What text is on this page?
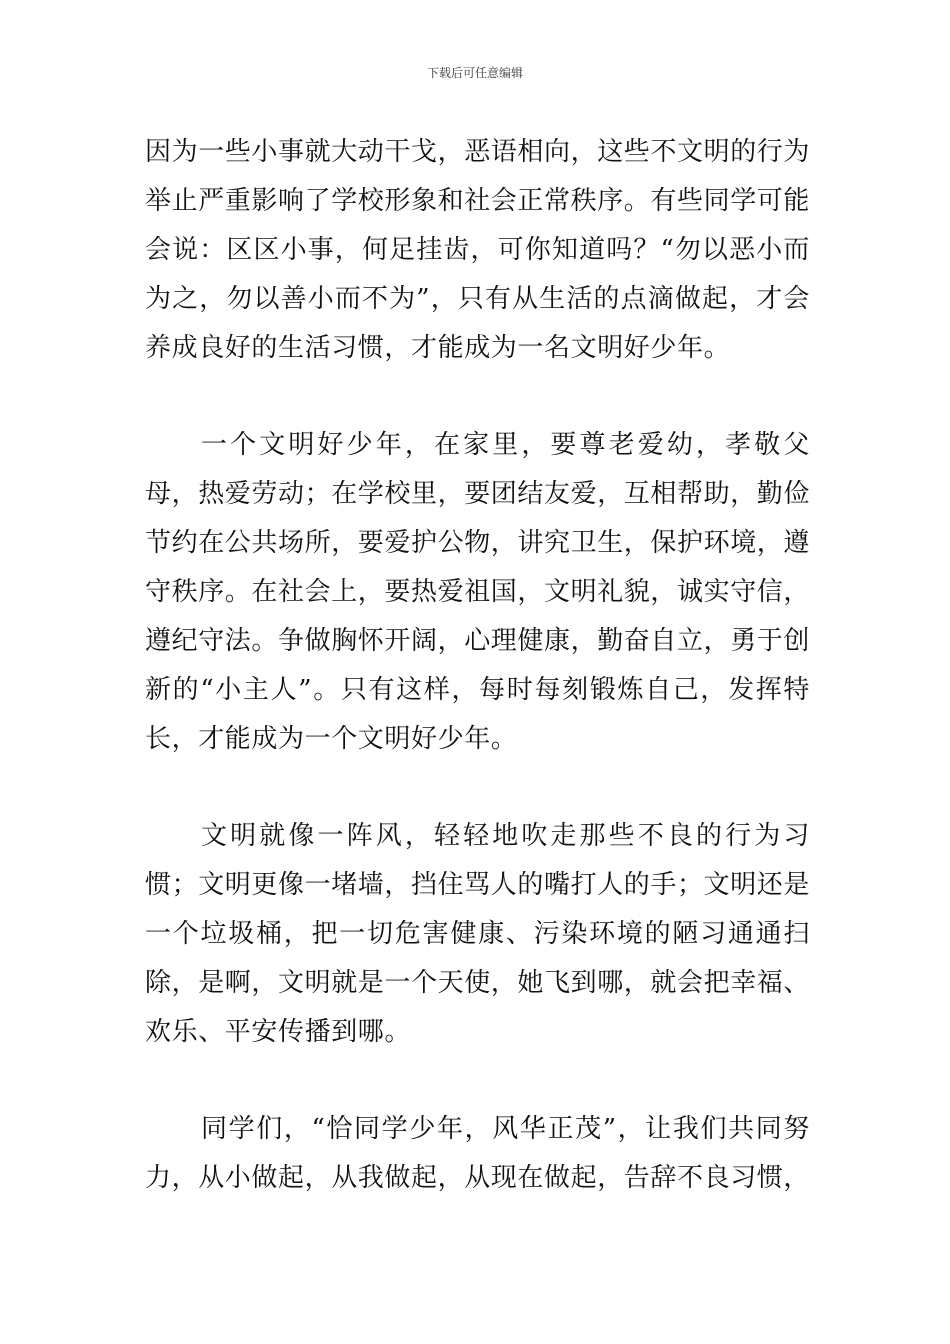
下载后可任意编辑

因为一些小事就大动干戈，恶语相向，这些不文明的行为举止严重影响了学校形象和社会正常秩序。有些同学可能会说：区区小事，何足挂齿，可你知道吗？“勿以恶小而为之，勿以善小而不为”，只有从生活的点滴做起，才会养成良好的生活习惯，才能成为一名文明好少年。

一个文明好少年，在家里，要尊老爱幼，孝敬父母，热爱劳动；在学校里，要团结友爱，互相帮助，勤俭节约在公共场所，要爱护公物，讲究卫生，保护环境，遵守秩序。在社会上，要热爱祖国，文明礼貌，诚实守信，遵纪守法。争做胸怀开阔，心理健康，勤奋自立，勇于创新的“小主人”。只有这样，每时每刻锻炼自己，发挥特长，才能成为一个文明好少年。

文明就像一阵风，轻轻地吹走那些不良的行为习惯；文明更像一堵墙，挡住骂人的嘴打人的手；文明还是一个垃圾桶，把一切危害健康、污染环境的陋习通通扫除，是啊，文明就是一个天使，她飞到哪，就会把幸福、欢乐、平安传播到哪。

同学们，“恰同学少年，风华正茂”，让我们共同努力，从小做起，从我做起，从现在做起，告辞不良习惯，
